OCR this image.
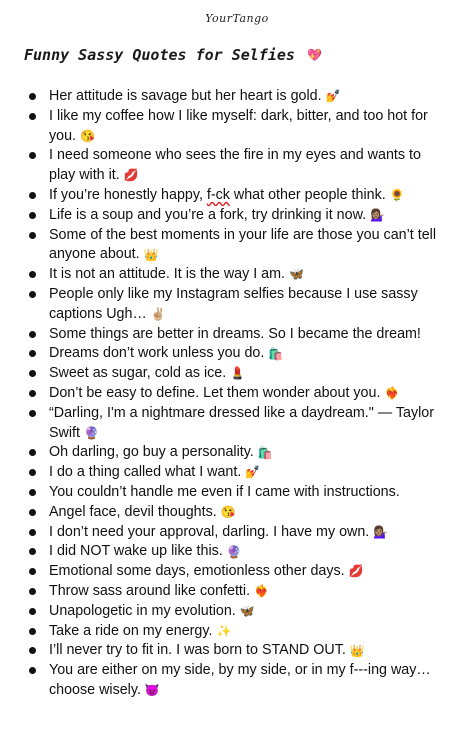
YourTango
Funny Sassy Quotes for Selfies 💖
Her attitude is savage but her heart is gold. 💅
I like my coffee how I like myself: dark, bitter, and too hot for you. 😘
I need someone who sees the fire in my eyes and wants to play with it. 💋
If you’re honestly happy, f-ck what other people think. 🌻
Life is a soup and you’re a fork, try drinking it now. 💁🏽‍♀️
Some of the best moments in your life are those you can’t tell anyone about. 👑
It is not an attitude. It is the way I am. 🦋
People only like my Instagram selfies because I use sassy captions Ugh… ✌🏼
Some things are better in dreams. So I became the dream!
Dreams don’t work unless you do. 🛍️
Sweet as sugar, cold as ice. 💄
Don’t be easy to define. Let them wonder about you. ❤️‍🔥
“Darling, I'm a nightmare dressed like a daydream." — Taylor Swift 🔮
Oh darling, go buy a personality. 🛍️
I do a thing called what I want. 💅
You couldn’t handle me even if I came with instructions.
Angel face, devil thoughts. 😘
I don’t need your approval, darling. I have my own. 💁🏽‍♀️
I did NOT wake up like this. 🔮
Emotional some days, emotionless other days. 💋
Throw sass around like confetti. ❤️‍🔥
Unapologetic in my evolution. 🦋
Take a ride on my energy. ✨
I’ll never try to fit in. I was born to STAND OUT. 👑
You are either on my side, by my side, or in my f---ing way… choose wisely. 😈
